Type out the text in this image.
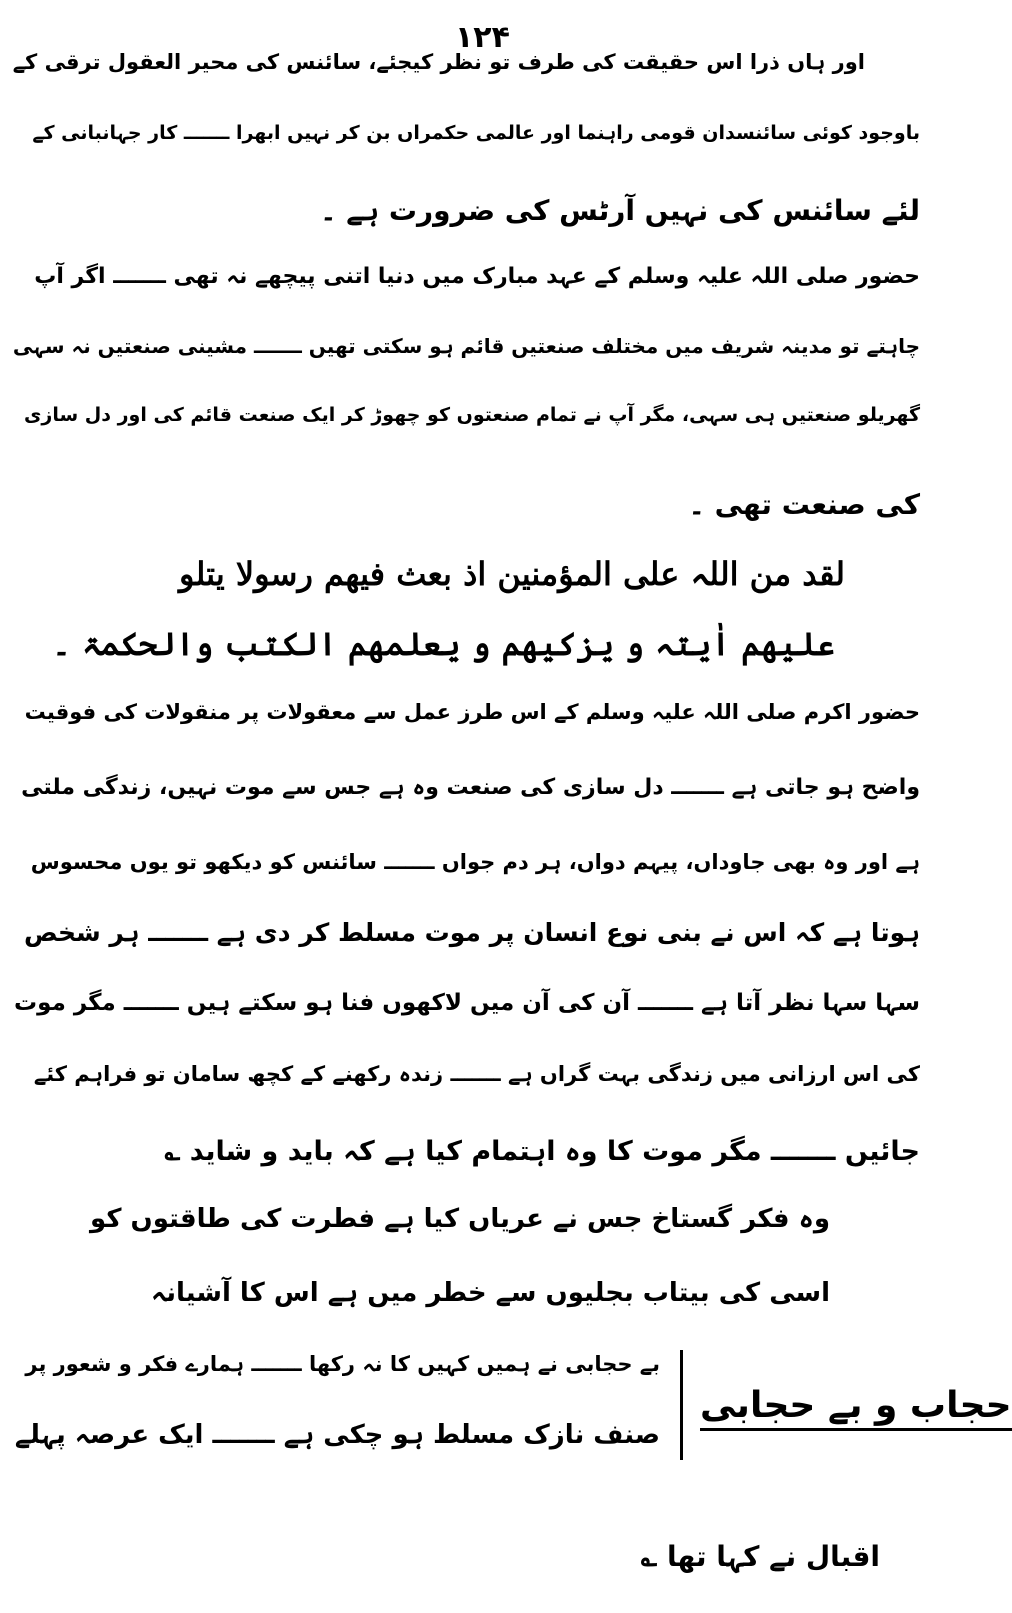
۱۲۴
اور ہاں ذرا اس حقیقت کی طرف تو نظر کیجئے، سائنس کی محیر العقول ترقی کے
باوجود کوئی سائنسدان قومی راہنما اور عالمی حکمراں بن کر نہیں ابھرا ـــــــ کار جہانبانی کے
لئے سائنس کی نہیں آرٹس کی ضرورت ہے ۔
حضور صلی اللہ علیہ وسلم کے عہد مبارک میں دنیا اتنی پیچھے نہ تھی ـــــــ اگر آپ
چاہتے تو مدینہ شریف میں مختلف صنعتیں قائم ہو سکتی تھیں ـــــــ مشینی صنعتیں نہ سہی
گھریلو صنعتیں ہی سہی، مگر آپ نے تمام صنعتوں کو چھوڑ کر ایک صنعت قائم کی اور دل سازی
کی صنعت تھی ۔
لقد من اللہ علی المؤمنین اذ بعث فیھم رسولا یتلو
علیھم اٰیتہ و یزکیھم و یعلمھم الکتب والحکمۃ ۔
حضور اکرم صلی اللہ علیہ وسلم کے اس طرز عمل سے معقولات پر منقولات کی فوقیت
واضح ہو جاتی ہے ـــــــ دل سازی کی صنعت وہ ہے جس سے موت نہیں، زندگی ملتی
ہے اور وہ بھی جاوداں، پیہم دواں، ہر دم جواں ـــــــ سائنس کو دیکھو تو یوں محسوس
ہوتا ہے کہ اس نے بنی نوع انسان پر موت مسلط کر دی ہے ـــــــ ہر شخص
سہا سہا نظر آتا ہے ـــــــ آن کی آن میں لاکھوں فنا ہو سکتے ہیں ـــــــ مگر موت
کی اس ارزانی میں زندگی بہت گراں ہے ـــــــ زندہ رکھنے کے کچھ سامان تو فراہم کئے
جائیں ـــــــ مگر موت کا وہ اہتمام کیا ہے کہ باید و شاید ؎
وہ فکر گستاخ جس نے عریاں کیا ہے فطرت کی طاقتوں کو
اسی کی بیتاب بجلیوں سے خطر میں ہے اس کا آشیانہ
بے حجابی نے ہمیں کہیں کا نہ رکھا ـــــــ ہمارے فکر و شعور پر
صنف نازک مسلط ہو چکی ہے ـــــــ ایک عرصہ پہلے
اقبال نے کہا تھا ؎
حجاب و بے حجابی
